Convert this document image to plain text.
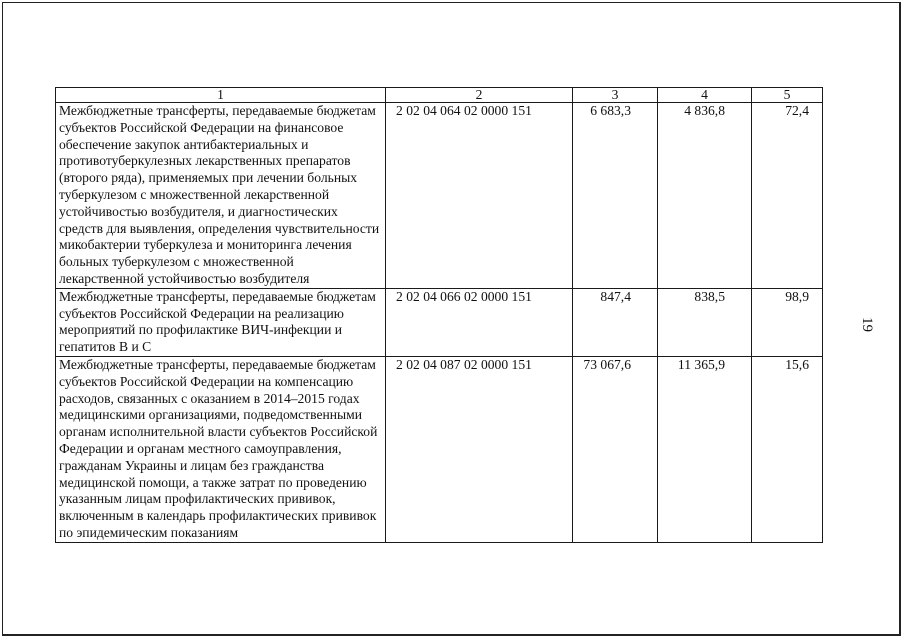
1	2	3	4	5
Межбюджетные трансферты, передаваемые бюджетам субъектов Российской Федерации на финансовое обеспечение закупок антибактериальных и противотуберкулезных лекарственных препаратов (второго ряда), применяемых при лечении больных туберкулезом с множественной лекарственной устойчивостью возбудителя, и диагностических средств для выявления, определения чувствительности микобактерии туберкулеза и мониторинга лечения больных туберкулезом с множественной лекарственной устойчивостью возбудителя	2 02 04 064 02 0000 151	6 683,3	4 836,8	72,4
Межбюджетные трансферты, передаваемые бюджетам субъектов Российской Федерации на реализацию мероприятий по профилактике ВИЧ-инфекции и гепатитов В и С	2 02 04 066 02 0000 151	847,4	838,5	98,9
Межбюджетные трансферты, передаваемые бюджетам субъектов Российской Федерации на компенсацию расходов, связанных с оказанием в 2014–2015 годах медицинскими организациями, подведомственными органам исполнительной власти субъектов Российской Федерации и органам местного самоуправления, гражданам Украины и лицам без гражданства медицинской помощи, а также затрат по проведению указанным лицам профилактических прививок, включенным в календарь профилактических прививок по эпидемическим показаниям	2 02 04 087 02 0000 151	73 067,6	11 365,9	15,6
19
